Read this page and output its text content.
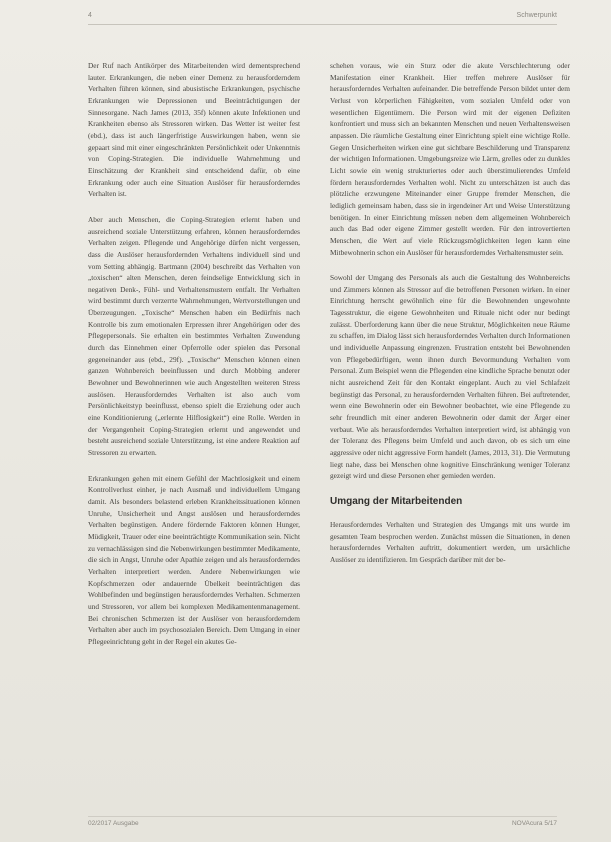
4	Schwerpunkt

Der Ruf nach Antikörper des Mitarbeitenden wird dementsprechend lauter. Erkrankungen, die neben einer Demenz zu herausforderndem Verhalten führen können, sind abusistische Erkrankungen, psychische Erkrankungen wie Depressionen und Beeinträchtigungen der Sinnesorgane. Nach James (2013, 35f) können akute Infektionen und Krankheiten ebenso als Stressoren wirken. Das Wetter ist weiter fest (ebd.), dass ist auch längerfristige Auswirkungen haben, wenn sie gepaart sind mit einer eingeschränkten Persönlichkeit oder Unkenntnis von Coping-Strategien. Die individuelle Wahrnehmung und Einschätzung der Krankheit sind entscheidend dafür, ob eine Erkrankung oder auch eine Situation Auslöser für herausforderndes Verhalten ist.

Aber auch Menschen, die Coping-Strategien erlernt haben und ausreichend soziale Unterstützung erfahren, können herausforderndes Verhalten zeigen. Pflegende und Angehörige dürfen nicht vergessen, dass die Auslöser herausfordernden Verhaltens individuell sind und vom Setting abhängig. Bartmann (2004) beschreibt das Verhalten von „toxischen“ alten Menschen, deren feindselige Entwicklung sich in negativen Denk-, Fühl- und Verhaltensmustern entfalt. Ihr Verhalten wird bestimmt durch verzerrte Wahrnehmungen, Wertvorstellungen und Überzeugungen. „Toxische“ Menschen haben ein Bedürfnis nach Kontrolle bis zum emotionalen Erpressen ihrer Angehörigen oder des Pflegepersonals. Sie erhalten ein bestimmtes Verhalten Zuwendung durch das Einnehmen einer Opferrolle oder spielen das Personal gegeneinander aus (ebd., 29f). „Toxische“ Menschen können einen ganzen Wohnbereich beeinflussen und durch Mobbing anderer Bewohner und Bewohnerinnen wie auch Angestellten weiteren Stress auslösen. Herausforderndes Verhalten ist also auch vom Persönlichkeitstyp beeinflusst, ebenso spielt die Erziehung oder auch eine Konditionierung („erlernte Hilflosigkeit“) eine Rolle. Werden in der Vergangenheit Coping-Strategien erlernt und angewendet und besteht ausreichend soziale Unterstützung, ist eine andere Reaktion auf Stressoren zu erwarten.

Erkrankungen gehen mit einem Gefühl der Machtlosigkeit und einem Kontrollverlust einher, je nach Ausmaß und individuellem Umgang damit. Als besonders belastend erleben Krankheitssituationen können Unruhe, Unsicherheit und Angst auslösen und herausforderndes Verhalten begünstigen. Andere fördernde Faktoren können Hunger, Müdigkeit, Trauer oder eine beeinträchtigte Kommunikation sein. Nicht zu vernachlässigen sind die Nebenwirkungen bestimmter Medikamente, die sich in Angst, Unruhe oder Apathie zeigen und als herausforderndes Verhalten interpretiert werden. Andere Nebenwirkungen wie Kopfschmerzen oder andauernde Übelkeit beeinträchtigen das Wohlbefinden und begünstigen herausforderndes Verhalten. Schmerzen und Stressoren, vor allem bei komplexen Medikamentenmanagement. Bei chronischen Schmerzen ist der Auslöser von herausforderndem Verhalten aber auch im psychosozialen Bereich. Dem Umgang in einer Pflegeeinrichtung geht in der Regel ein akutes Ge-

schehen voraus, wie ein Sturz oder die akute Verschlechterung oder Manifestation einer Krankheit. Hier treffen mehrere Auslöser für herausforderndes Verhalten aufeinander. Die betreffende Person bildet unter dem Verlust von körperlichen Fähigkeiten, vom sozialen Umfeld oder von wesentlichen Eigentümern. Die Person wird mit der eigenen Defiziten konfrontiert und muss sich an bekannten Menschen und neuen Verhaltensweisen anpassen. Die räumliche Gestaltung einer Einrichtung spielt eine wichtige Rolle. Gegen Unsicherheiten wirken eine gut sichtbare Beschilderung und Transparenz der wichtigen Informationen. Umgebungsreize wie Lärm, grelles oder zu dunkles Licht sowie ein wenig strukturiertes oder auch überstimulierendes Umfeld fördern herausforderndes Verhalten wohl. Nicht zu unterschätzen ist auch das plötzliche erzwungene Miteinander einer Gruppe fremder Menschen, die lediglich gemeinsam haben, dass sie in irgendeiner Art und Weise Unterstützung benötigen. In einer Einrichtung müssen neben dem allgemeinen Wohnbereich auch das Bad oder eigene Zimmer gestellt werden. Für den introvertierten Menschen, die Wert auf viele Rückzugsmöglichkeiten legen kann eine Mitbewohnerin schon ein Auslöser für herausforderndes Verhaltensmuster sein.

Sowohl der Umgang des Personals als auch die Gestaltung des Wohnbereichs und Zimmers können als Stressor auf die betroffenen Personen wirken. In einer Einrichtung herrscht gewöhnlich eine für die Bewohnenden ungewohnte Tagesstruktur, die eigene Gewohnheiten und Rituale nicht oder nur bedingt zulässt. Überforderung kann über die neue Struktur, Möglichkeiten neue Räume zu schaffen, im Dialog lässt sich herausforderndes Verhalten durch Informationen und individuelle Anpassung eingrenzen. Frustration entsteht bei Bewohnenden von Pflegebedürftigen, wenn ihnen durch Bevormundung Verhalten vom Personal. Zum Beispiel wenn die Pflegenden eine kindliche Sprache benutzt oder nicht ausreichend Zeit für den Kontakt eingeplant. Auch zu viel Schlafzeit begünstigt das Personal, zu herausfordernden Verhalten führen. Bei auftretender, wenn eine Bewohnerin oder ein Bewohner beobachtet, wie eine Pflegende zu sehr freundlich mit einer anderen Bewohnerin oder damit der Ärger einer verbaut. Wie als herausforderndes Verhalten interpretiert wird, ist abhängig von der Toleranz des Pflegens beim Umfeld und auch davon, ob es sich um eine aggressive oder nicht aggressive Form handelt (James, 2013, 31). Die Vermutung liegt nahe, dass bei Menschen ohne kognitive Einschränkung weniger Toleranz gezeigt wird und diese Personen eher gemieden werden.

Umgang der Mitarbeitenden

Herausforderndes Verhalten und Strategien des Umgangs mit uns wurde im gesamten Team besprochen werden. Zunächst müssen die Situationen, in denen herausforderndes Verhalten auftritt, dokumentiert werden, um ursächliche Auslöser zu identifizieren. Im Gespräch darüber mit der be-

02/2017 Ausgabe	NOVAcura 5/17
